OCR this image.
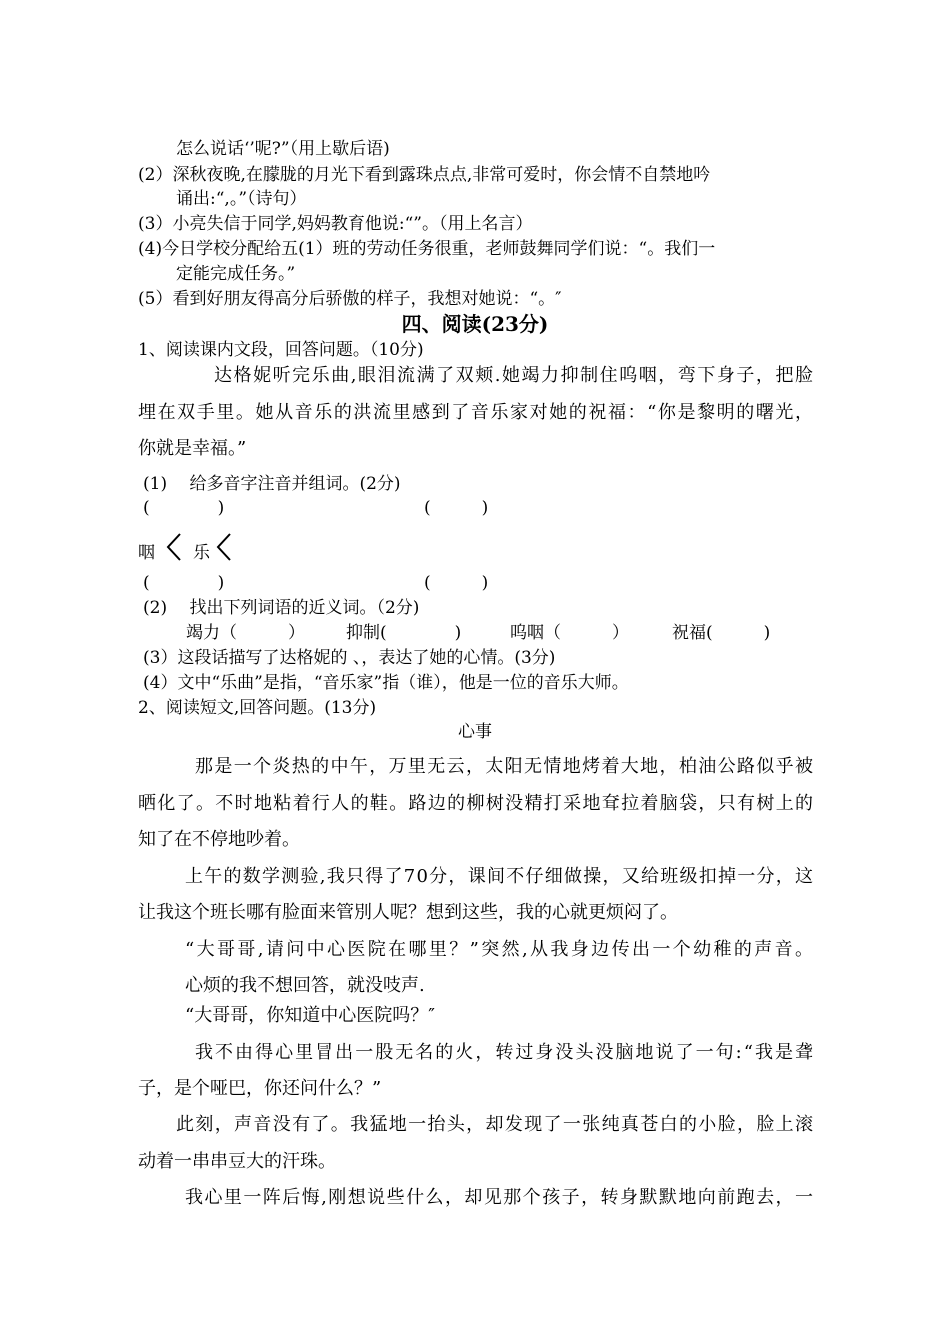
怎么说话‘’呢?”（用上歇后语)
(2）深秋夜晚,在朦胧的月光下看到露珠点点,非常可爱时，你会情不自禁地吟
诵出:“,。”（诗句）
(3）小亮失信于同学,妈妈教育他说:“”。（用上名言）
(4)今日学校分配给五(1）班的劳动任务很重，老师鼓舞同学们说：“。我们一
定能完成任务。”
(5）看到好朋友得高分后骄傲的样子，我想对她说：“。″
四、阅读(23分)
1、阅读课内文段，回答问题。（10分)
达格妮听完乐曲,眼泪流满了双颊.她竭力抑制住呜咽，弯下身子，把脸
埋在双手里。她从音乐的洪流里感到了音乐家对她的祝福：“你是黎明的曙光，
你就是幸福。”
(1)　 给多音字注音并组词。(2分)
(　　　　)	(　　　)
咽 乐
(　　　　)	(　　　)
(2)　 找出下列词语的近义词。（2分)
竭力（　　　） 抑制(　　　　)	呜咽（　　　）	祝福(　　　)
(3）这段话描写了达格妮的 、，表达了她的心情。(3分)
(4）文中“乐曲”是指，“音乐家”指（谁），他是一位的音乐大师。
2、阅读短文,回答问题。(13分)
心事
那是一个炎热的中午，万里无云，太阳无情地烤着大地，柏油公路似乎被
晒化了。不时地粘着行人的鞋。路边的柳树没精打采地耷拉着脑袋，只有树上的
知了在不停地吵着。
上午的数学测验,我只得了70分，课间不仔细做操，又给班级扣掉一分，这
让我这个班长哪有脸面来管別人呢？想到这些，我的心就更烦闷了。
“大哥哥,请问中心医院在哪里？”突然,从我身边传出一个幼稚的声音。
心烦的我不想回答，就没吱声.
“大哥哥，你知道中心医院吗？″
我不由得心里冒出一股无名的火，转过身没头没脑地说了一句:“我是聋
子，是个哑巴，你还问什么？”
此刻，声音没有了。我猛地一抬头，却发现了一张纯真苍白的小脸，脸上滚
动着一串串豆大的汗珠。
我心里一阵后悔,刚想说些什么，却见那个孩子，转身默默地向前跑去，一
